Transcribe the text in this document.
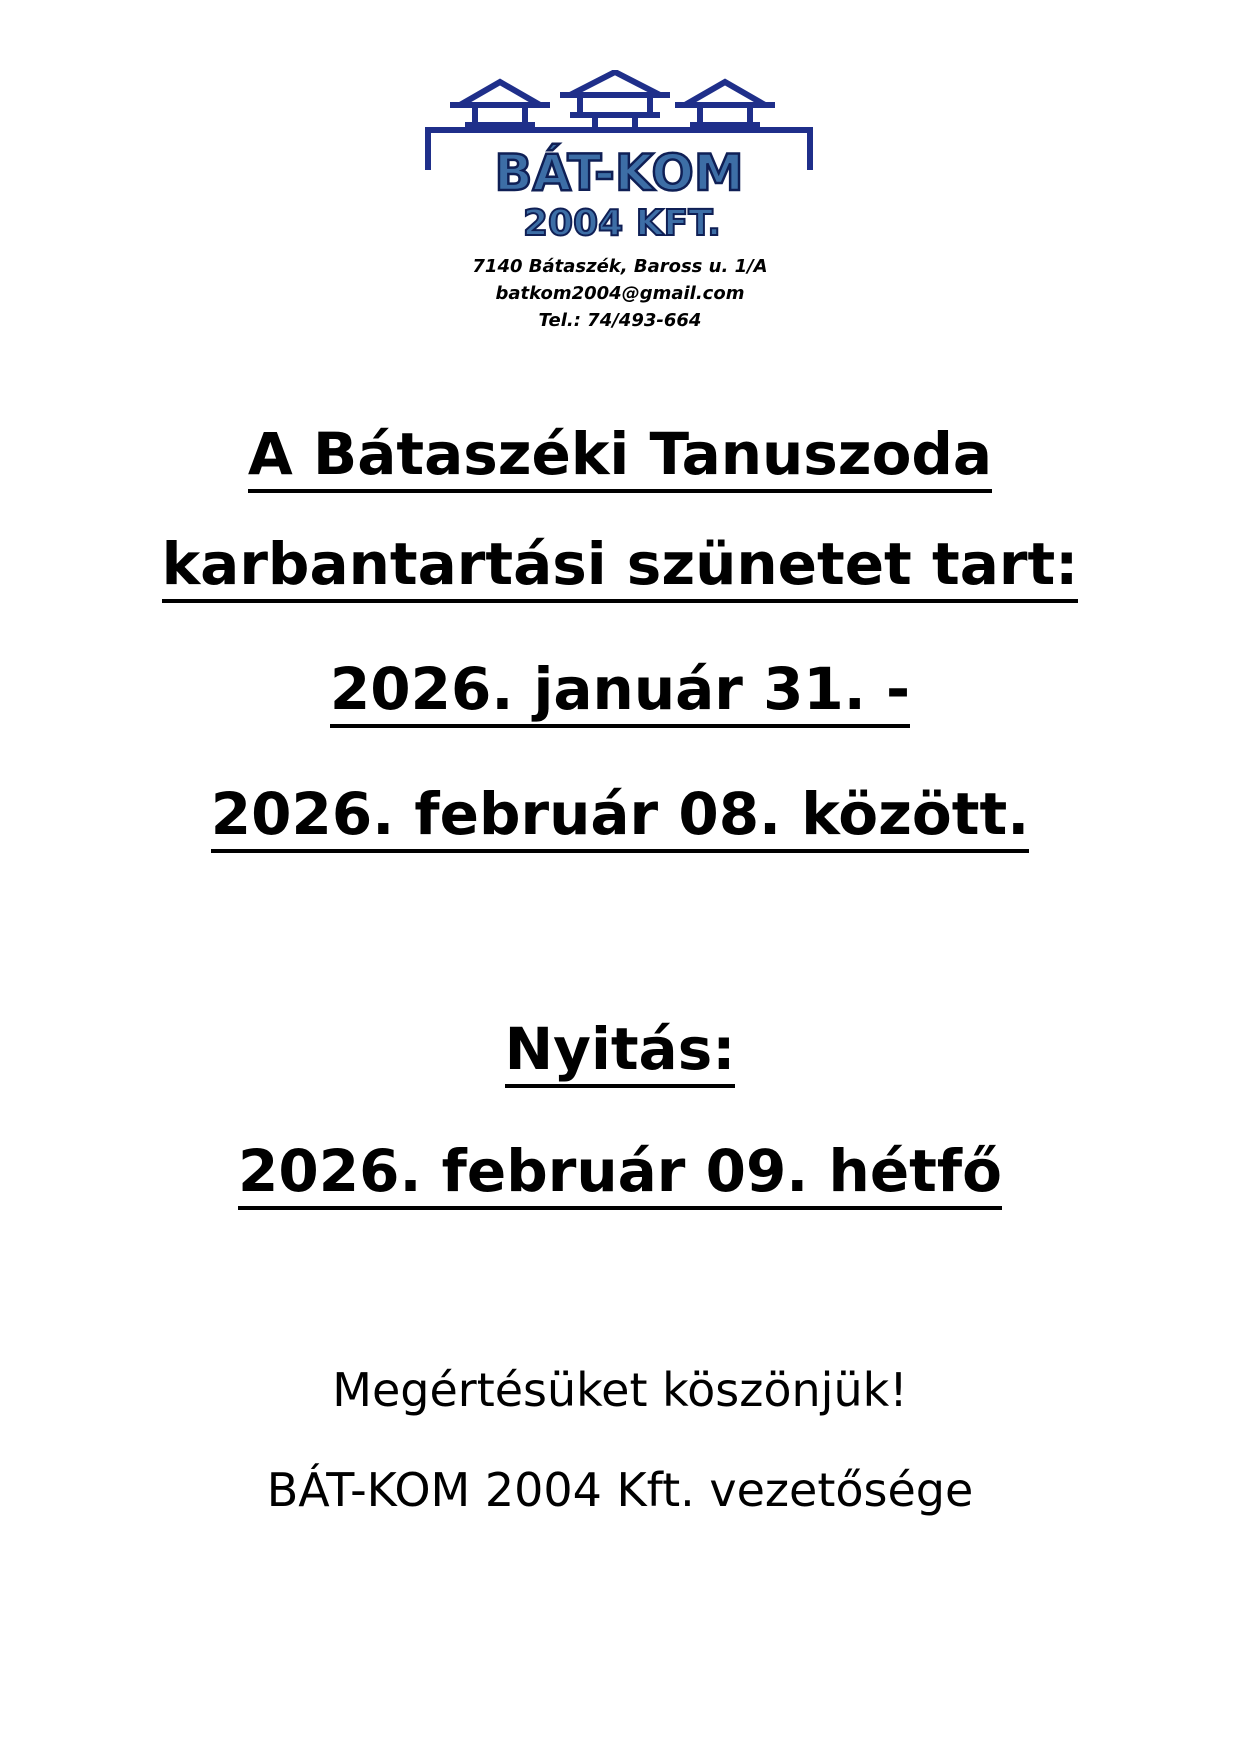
BÁT-KOM
2004 KFT.
7140 Bátaszék, Baross u. 1/A
batkom2004@gmail.com
Tel.: 74/493-664
A Bátaszéki Tanuszoda
karbantartási szünetet tart:
2026. január 31. -
2026. február 08. között.
Nyitás:
2026. február 09. hétfő
Megértésüket köszönjük!
BÁT-KOM 2004 Kft. vezetősége
